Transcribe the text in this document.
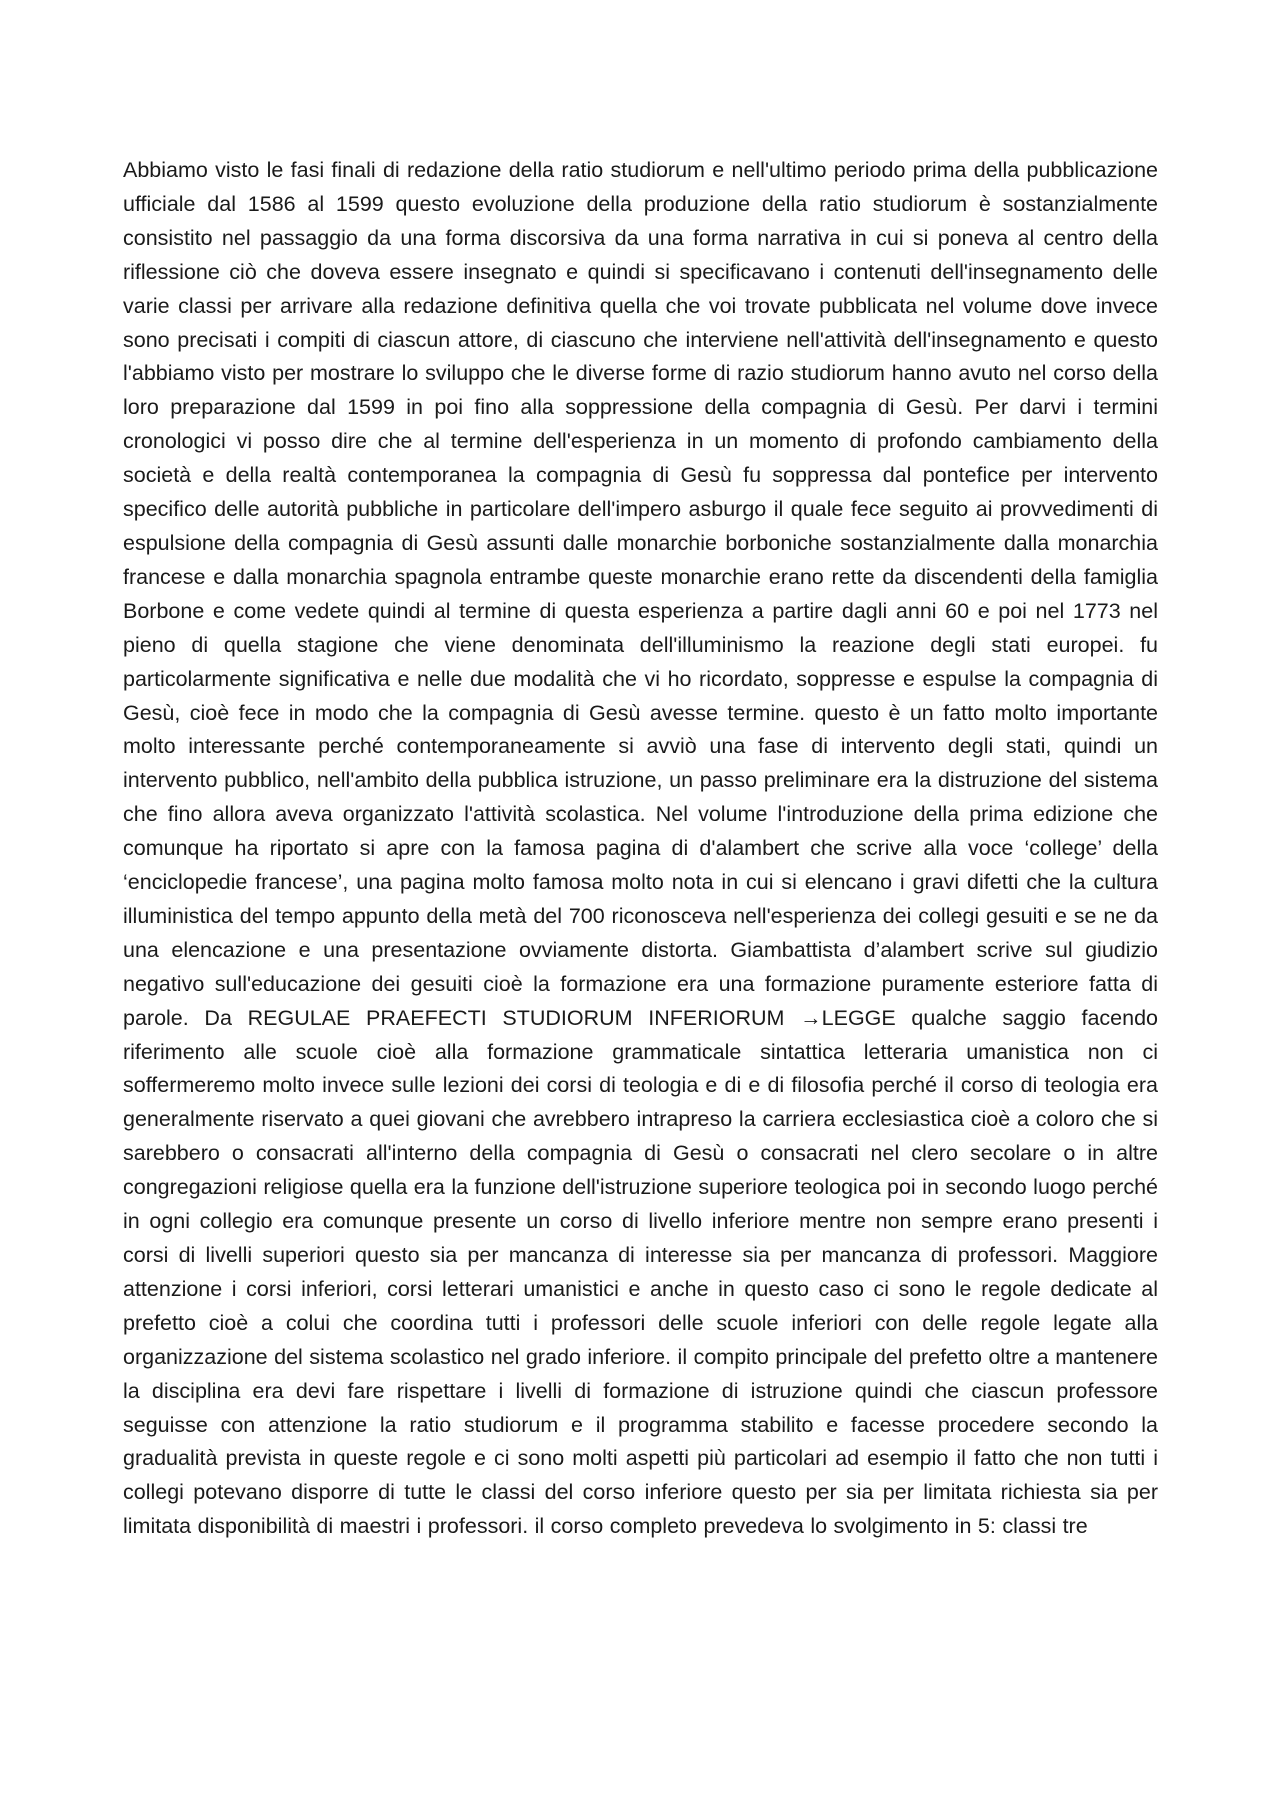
Abbiamo visto le fasi finali di redazione della ratio studiorum e nell'ultimo periodo prima della pubblicazione ufficiale dal 1586 al 1599 questo evoluzione della produzione della ratio studiorum è sostanzialmente consistito nel passaggio da una forma discorsiva da una forma narrativa in cui si poneva al centro della riflessione ciò che doveva essere insegnato e quindi si specificavano i contenuti dell'insegnamento delle varie classi per arrivare alla redazione definitiva quella che voi trovate pubblicata nel volume dove invece sono precisati i compiti di ciascun attore, di ciascuno che interviene nell'attività dell'insegnamento e questo l'abbiamo visto per mostrare lo sviluppo che le diverse forme di razio studiorum hanno avuto nel corso della loro preparazione dal 1599 in poi fino alla soppressione della compagnia di Gesù. Per darvi i termini cronologici vi posso dire che al termine dell'esperienza in un momento di profondo cambiamento della società e della realtà contemporanea la compagnia di Gesù fu soppressa dal pontefice per intervento specifico delle autorità pubbliche in particolare dell'impero asburgo il quale fece seguito ai provvedimenti di espulsione della compagnia di Gesù assunti dalle monarchie borboniche sostanzialmente dalla monarchia francese e dalla monarchia spagnola entrambe queste monarchie erano rette da discendenti della famiglia Borbone e come vedete quindi al termine di questa esperienza a partire dagli anni 60 e poi nel 1773 nel pieno di quella stagione che viene denominata dell'illuminismo la reazione degli stati europei. fu particolarmente significativa e nelle due modalità che vi ho ricordato, soppresse e espulse la compagnia di Gesù, cioè fece in modo che la compagnia di Gesù avesse termine. questo è un fatto molto importante molto interessante perché contemporaneamente si avviò una fase di intervento degli stati, quindi un intervento pubblico, nell'ambito della pubblica istruzione, un passo preliminare era la distruzione del sistema che fino allora aveva organizzato l'attività scolastica. Nel volume l'introduzione della prima edizione che comunque ha riportato si apre con la famosa pagina di d'alambert che scrive alla voce ‘college’ della ‘enciclopedie francese’, una pagina molto famosa molto nota in cui si elencano i gravi difetti che la cultura illuministica del tempo appunto della metà del 700 riconosceva nell'esperienza dei collegi gesuiti e se ne da una elencazione e una presentazione ovviamente distorta. Giambattista d’alambert scrive sul giudizio negativo sull'educazione dei gesuiti cioè la formazione era una formazione puramente esteriore fatta di parole. Da REGULAE PRAEFECTI STUDIORUM INFERIORUM →LEGGE qualche saggio facendo riferimento alle scuole cioè alla formazione grammaticale sintattica letteraria umanistica non ci soffermeremo molto invece sulle lezioni dei corsi di teologia e di e di filosofia perché il corso di teologia era generalmente riservato a quei giovani che avrebbero intrapreso la carriera ecclesiastica cioè a coloro che si sarebbero o consacrati all'interno della compagnia di Gesù o consacrati nel clero secolare o in altre congregazioni religiose quella era la funzione dell'istruzione superiore teologica poi in secondo luogo perché in ogni collegio era comunque presente un corso di livello inferiore mentre non sempre erano presenti i corsi di livelli superiori questo sia per mancanza di interesse sia per mancanza di professori. Maggiore attenzione i corsi inferiori, corsi letterari umanistici e anche in questo caso ci sono le regole dedicate al prefetto cioè a colui che coordina tutti i professori delle scuole inferiori con delle regole legate alla organizzazione del sistema scolastico nel grado inferiore. il compito principale del prefetto oltre a mantenere la disciplina era devi fare rispettare i livelli di formazione di istruzione quindi che ciascun professore seguisse con attenzione la ratio studiorum e il programma stabilito e facesse procedere secondo la gradualità prevista in queste regole e ci sono molti aspetti più particolari ad esempio il fatto che non tutti i collegi potevano disporre di tutte le classi del corso inferiore questo per sia per limitata richiesta sia per limitata disponibilità di maestri i professori. il corso completo prevedeva lo svolgimento in 5: classi tre
